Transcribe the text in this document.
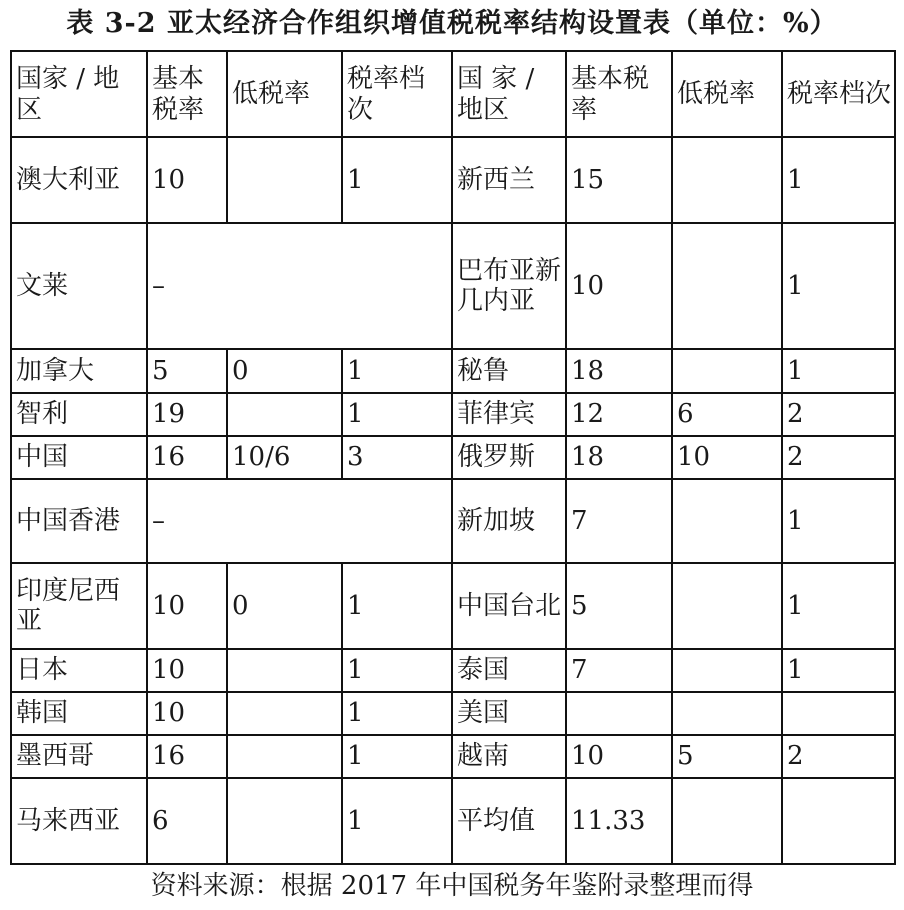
表 3-2 亚太经济合作组织增值税税率结构设置表（单位：%）
国家 / 地区	基本税率	低税率	税率档次	国 家 / 地区	基本税率	低税率	税率档次
澳大利亚	10		1	新西兰	15		1
文莱	–			巴布亚新几内亚	10		1
加拿大	5	0	1	秘鲁	18		1
智利	19		1	菲律宾	12	6	2
中国	16	10/6	3	俄罗斯	18	10	2
中国香港	–			新加坡	7		1
印度尼西亚	10	0	1	中国台北	5		1
日本	10		1	泰国	7		1
韩国	10		1	美国			
墨西哥	16		1	越南	10	5	2
马来西亚	6		1	平均值	11.33		
资料来源：根据 2017 年中国税务年鉴附录整理而得
